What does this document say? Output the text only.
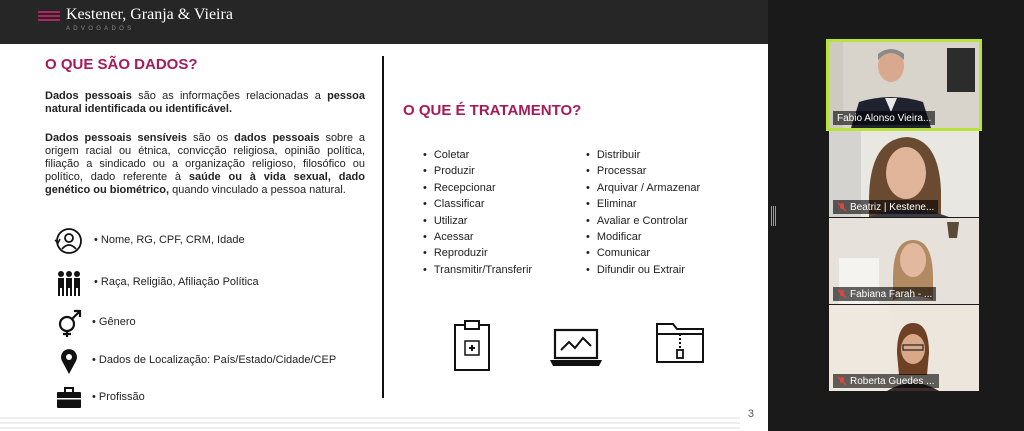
Kestener, Granja & Vieira
ADVOGADOS
O QUE SÃO DADOS?

Dados pessoais são as informações relacionadas a pessoa natural identificada ou identificável.

Dados pessoais sensíveis são os dados pessoais sobre a origem racial ou étnica, convicção religiosa, opinião política, filiação a sindicado ou a organização religioso, filosófico ou político, dado referente à saúde ou à vida sexual, dado genético ou biométrico, quando vinculado a pessoa natural.

• Nome, RG, CPF, CRM, Idade
• Raça, Religião, Afiliação Política
• Gênero
• Dados de Localização: País/Estado/Cidade/CEP
• Profissão
O QUE É TRATAMENTO?
• Coletar
• Produzir
• Recepcionar
• Classificar
• Utilizar
• Acessar
• Reproduzir
• Transmitir/Transferir
• Distribuir
• Processar
• Arquivar / Armazenar
• Eliminar
• Avaliar e Controlar
• Modificar
• Comunicar
• Difundir ou Extrair
3
Fabio Alonso Vieira...
Beatriz | Kestene...
Fabiana Farah - ...
Roberta Guedes ...
